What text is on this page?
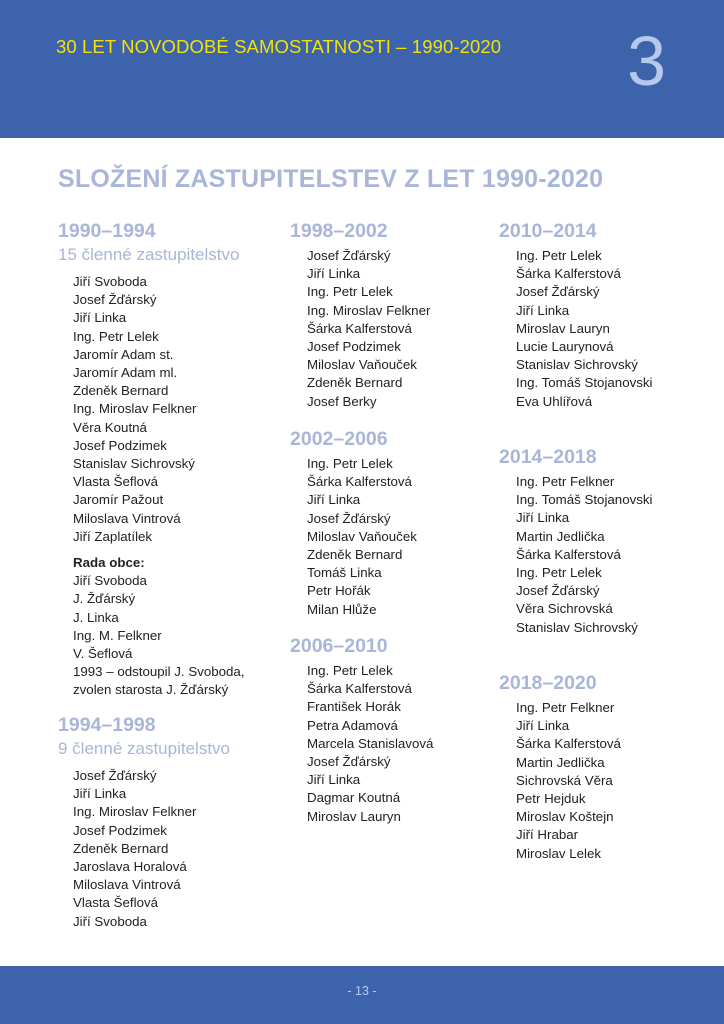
30 LET NOVODOBÉ SAMOSTATNOSTI – 1990-2020 3
SLOŽENÍ ZASTUPITELSTEV Z LET 1990-2020
1990–1994
15 členné zastupitelstvo
Jiří Svoboda
Josef Žďárský
Jiří Linka
Ing. Petr Lelek
Jaromír Adam st.
Jaromír Adam ml.
Zdeněk Bernard
Ing. Miroslav Felkner
Věra Koutná
Josef Podzimek
Stanislav Sichrovský
Vlasta Šeflová
Jaromír Pažout
Miloslava Vintrová
Jiří Zaplatílek
Rada obce:
Jiří Svoboda
J. Žďárský
J. Linka
Ing. M. Felkner
V. Šeflová
1993 – odstoupil J. Svoboda,
zvolen starosta J. Žďárský
1994–1998
9 členné zastupitelstvo
Josef Žďárský
Jiří Linka
Ing. Miroslav Felkner
Josef Podzimek
Zdeněk Bernard
Jaroslava Horalová
Miloslava Vintrová
Vlasta Šeflová
Jiří Svoboda
1998–2002
Josef Žďárský
Jiří Linka
Ing. Petr Lelek
Ing. Miroslav Felkner
Šárka Kalferstová
Josef Podzimek
Miloslav Vaňouček
Zdeněk Bernard
Josef Berky
2002–2006
Ing. Petr Lelek
Šárka Kalferstová
Jiří Linka
Josef Žďárský
Miloslav Vaňouček
Zdeněk Bernard
Tomáš Linka
Petr Hořák
Milan Hlůže
2006–2010
Ing. Petr Lelek
Šárka Kalferstová
František Horák
Petra Adamová
Marcela Stanislavová
Josef Žďárský
Jiří Linka
Dagmar Koutná
Miroslav Lauryn
2010–2014
Ing. Petr Lelek
Šárka Kalferstová
Josef Žďárský
Jiří Linka
Miroslav Lauryn
Lucie Laurynová
Stanislav Sichrovský
Ing. Tomáš Stojanovski
Eva Uhlířová
2014–2018
Ing. Petr Felkner
Ing. Tomáš Stojanovski
Jiří Linka
Martin Jedlička
Šárka Kalferstová
Ing. Petr Lelek
Josef Žďárský
Věra Sichrovská
Stanislav Sichrovský
2018–2020
Ing. Petr Felkner
Jiří Linka
Šárka Kalferstová
Martin Jedlička
Sichrovská Věra
Petr Hejduk
Miroslav Koštejn
Jiří Hrabar
Miroslav Lelek
- 13 -
